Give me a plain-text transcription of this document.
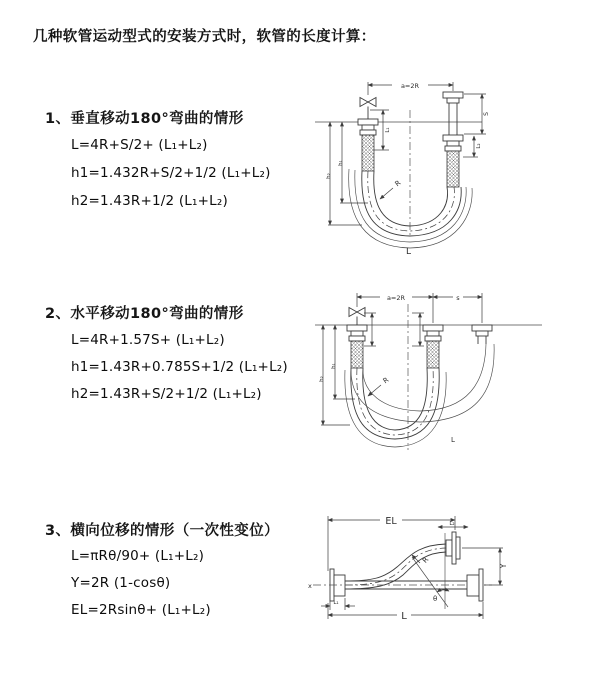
几种软管运动型式的安装方式时，软管的长度计算：
1、垂直移动180°弯曲的情形
L=4R+S/2+ (L₁+L₂)
h1=1.432R+S/2+1/2 (L₁+L₂)
h2=1.43R+1/2 (L₁+L₂)
2、水平移动180°弯曲的情形
L=4R+1.57S+ (L₁+L₂)
h1=1.43R+0.785S+1/2 (L₁+L₂)
h2=1.43R+S/2+1/2 (L₁+L₂)
3、横向位移的情形（一次性变位）
L=πRθ/90+ (L₁+L₂)
Y=2R (1-cosθ)
EL=2Rsinθ+ (L₁+L₂)
a=2R
L₁
S
L₂
R
h₁
h₂
L
a=2R	s
h₁
h₂	R
L
EL	L₂
x
Y
L
L₁
R
θ
